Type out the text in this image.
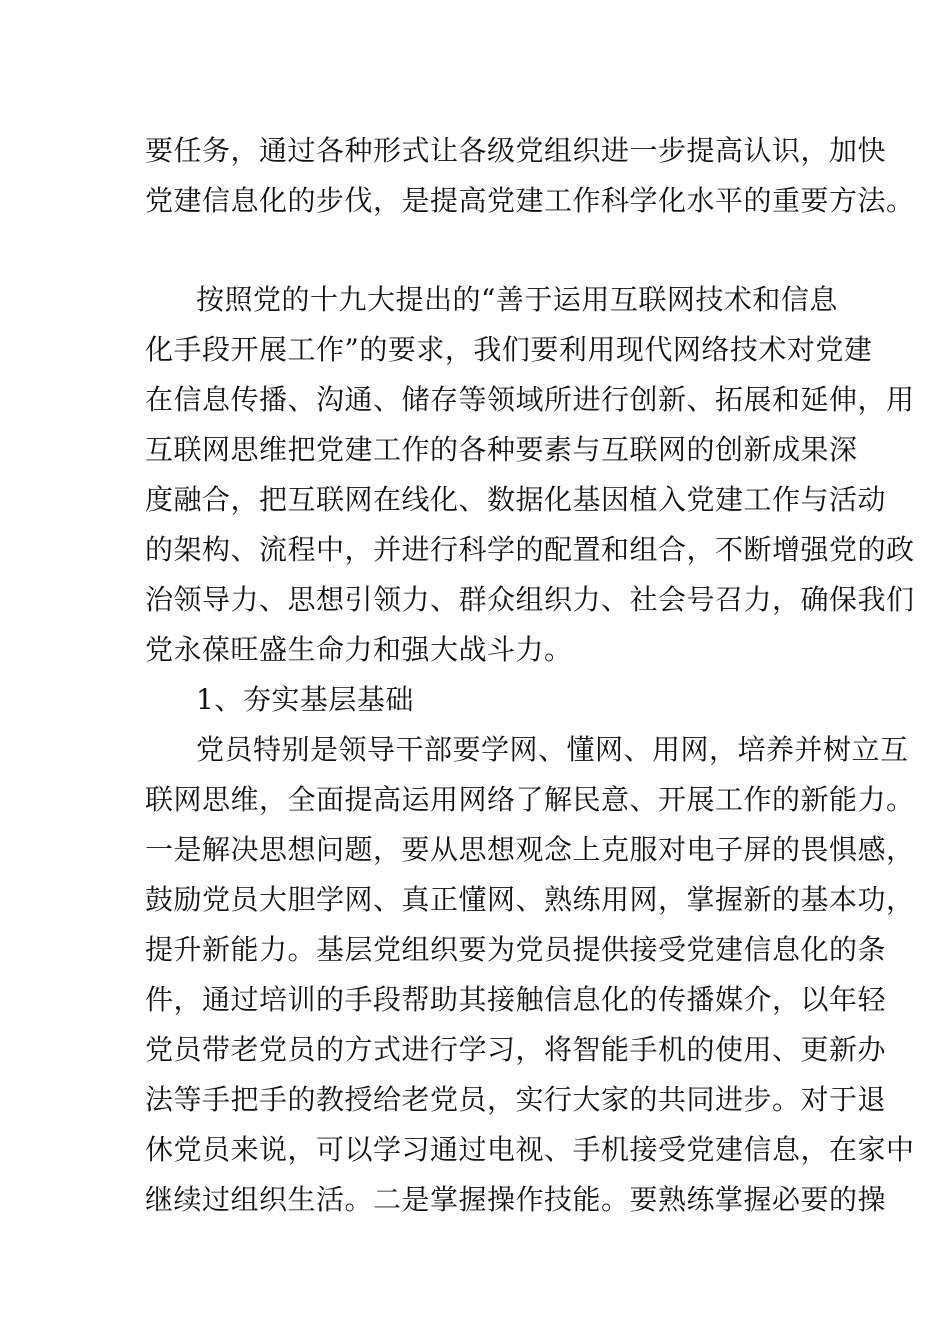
要任务，通过各种形式让各级党组织进一步提高认识，加快
党建信息化的步伐，是提高党建工作科学化水平的重要方法。
按照党的十九大提出的“善于运用互联网技术和信息
化手段开展工作”的要求，我们要利用现代网络技术对党建
在信息传播、沟通、储存等领域所进行创新、拓展和延伸，用
互联网思维把党建工作的各种要素与互联网的创新成果深
度融合，把互联网在线化、数据化基因植入党建工作与活动
的架构、流程中，并进行科学的配置和组合，不断增强党的政
治领导力、思想引领力、群众组织力、社会号召力，确保我们
党永葆旺盛生命力和强大战斗力。
1、夯实基层基础
党员特别是领导干部要学网、懂网、用网，培养并树立互
联网思维，全面提高运用网络了解民意、开展工作的新能力。
一是解决思想问题，要从思想观念上克服对电子屏的畏惧感，
鼓励党员大胆学网、真正懂网、熟练用网，掌握新的基本功，
提升新能力。基层党组织要为党员提供接受党建信息化的条
件，通过培训的手段帮助其接触信息化的传播媒介，以年轻
党员带老党员的方式进行学习，将智能手机的使用、更新办
法等手把手的教授给老党员，实行大家的共同进步。对于退
休党员来说，可以学习通过电视、手机接受党建信息，在家中
继续过组织生活。二是掌握操作技能。要熟练掌握必要的操
